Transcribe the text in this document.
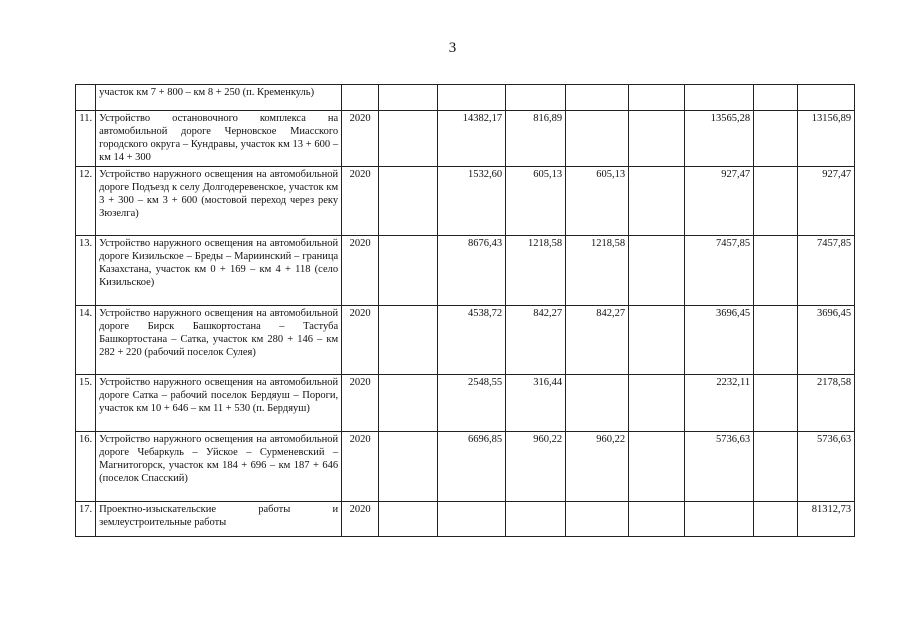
3
	участок км 7 + 800 – км 8 + 250 (п. Кременкуль)									
11.	Устройство остановочного комплекса на автомобильной дороге Черновское Миасского городского округа – Кундравы, участок км 13 + 600 – км 14 + 300	2020		14382,17	816,89			13565,28		13156,89
12.	Устройство наружного освещения на автомобильной дороге Подъезд к селу Долгодеревенское, участок км 3 + 300 – км 3 + 600 (мостовой переход через реку Зюзелга)	2020		1532,60	605,13	605,13		927,47		927,47
13.	Устройство наружного освещения на автомобильной дороге Кизильское – Бреды – Мариинский – граница Казахстана, участок км 0 + 169 – км 4 + 118 (село Кизильское)	2020		8676,43	1218,58	1218,58		7457,85		7457,85
14.	Устройство наружного освещения на автомобильной дороге Бирск Башкортостана – Тастуба Башкортостана – Сатка, участок км 280 + 146 – км 282 + 220 (рабочий поселок Сулея)	2020		4538,72	842,27	842,27		3696,45		3696,45
15.	Устройство наружного освещения на автомобильной дороге Сатка – рабочий поселок Бердяуш – Пороги, участок км 10 + 646 – км 11 + 530 (п. Бердяуш)	2020		2548,55	316,44			2232,11		2178,58
16.	Устройство наружного освещения на автомобильной дороге Чебаркуль – Уйское – Сурменевский – Магнитогорск, участок км 184 + 696 – км 187 + 646 (поселок Спасский)	2020		6696,85	960,22	960,22		5736,63		5736,63
17.	Проектно-изыскательские работы и землеустроительные работы	2020								81312,73
